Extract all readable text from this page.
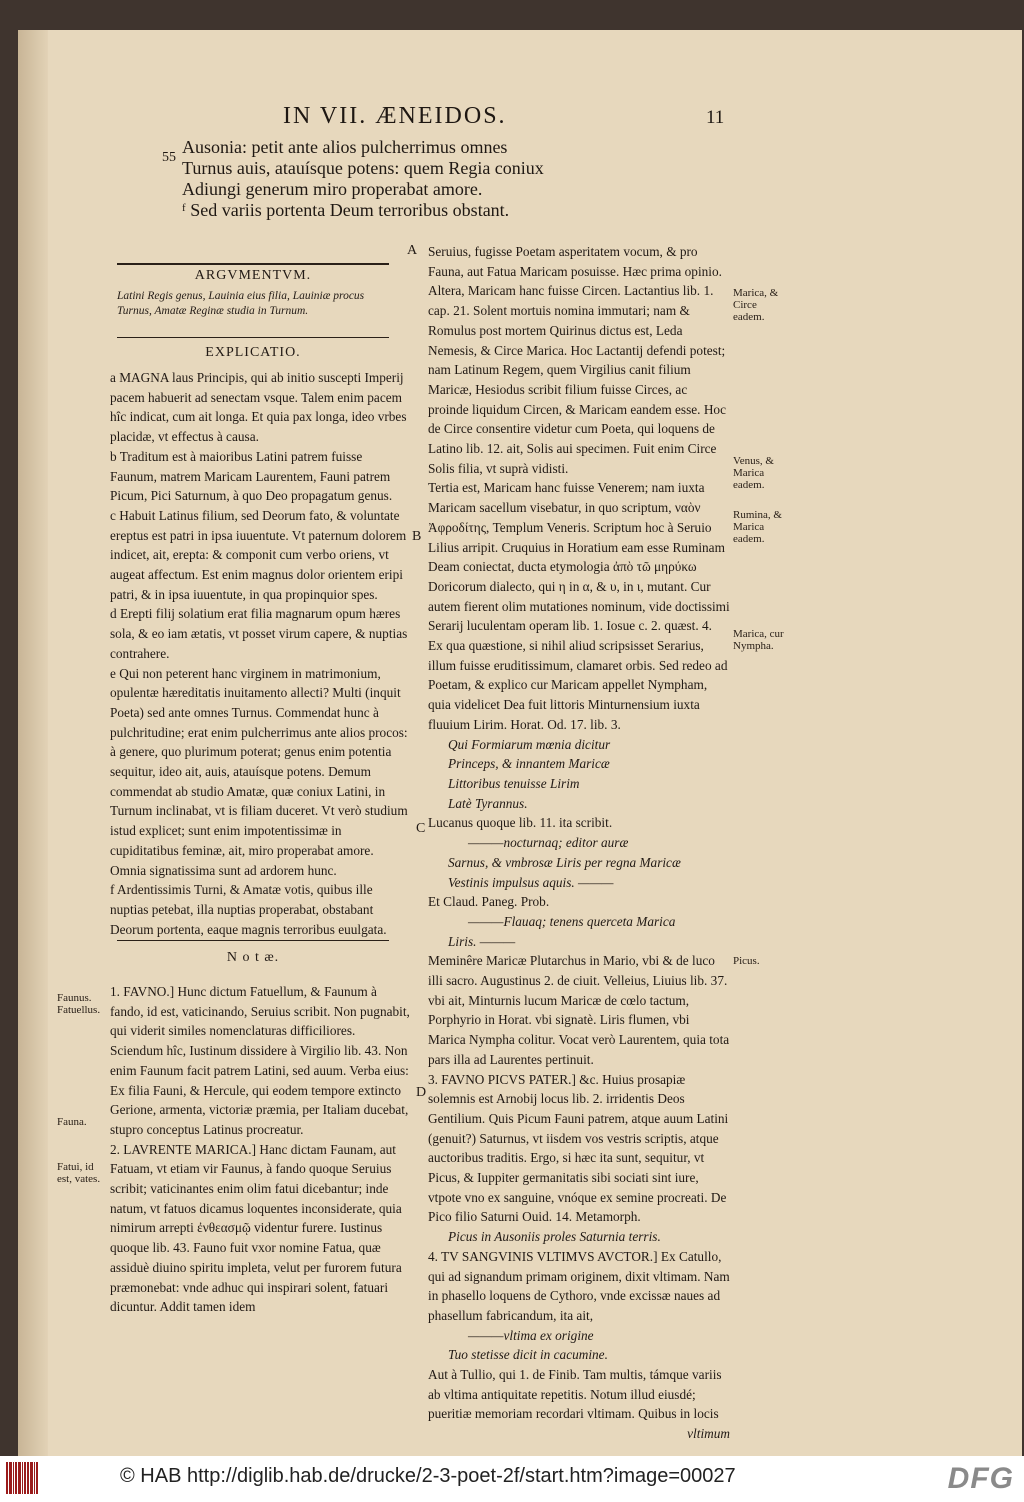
IN VII. ÆNEIDOS.	11
55
Ausonia: petit ante alios pulcherrimus omnes
Turnus auis, atauísque potens: quem Regia coniux
Adiungi generum miro properabat amore.
ᶠ Sed variis portenta Deum terroribus obstant.
ARGVMENTVM.
Latini Regis genus, Lauinia eius filia, Lauiniæ procus Turnus, Amatæ Reginæ studia in Turnum.
EXPLICATIO.

a MAGNA laus Principis, qui ab initio suscepti Imperij pacem habuerit ad senectam vsque. Talem enim pacem hîc indicat, cum ait longa. Et quia pax longa, ideo vrbes placidæ, vt effectus à causa.

b Traditum est à maioribus Latini patrem fuisse Faunum, matrem Maricam Laurentem, Fauni patrem Picum, Pici Saturnum, à quo Deo propagatum genus.

c Habuit Latinus filium, sed Deorum fato, & voluntate ereptus est patri in ipsa iuuentute. Vt paternum dolorem indicet, ait, erepta: & componit cum verbo oriens, vt augeat affectum. Est enim magnus dolor orientem eripi patri, & in ipsa iuuentute, in qua propinquior spes.

d Erepti filij solatium erat filia magnarum opum hæres sola, & eo iam ætatis, vt posset virum capere, & nuptias contrahere.

e Qui non peterent hanc virginem in matrimonium, opulentæ hæreditatis inuitamento allecti? Multi (inquit Poeta) sed ante omnes Turnus. Commendat hunc à pulchritudine; erat enim pulcherrimus ante alios procos: à genere, quo plurimum poterat; genus enim potentia sequitur, ideo ait, auis, atauísque potens. Demum commendat ab studio Amatæ, quæ coniux Latini, in Turnum inclinabat, vt is filiam duceret. Vt verò studium istud explicet; sunt enim impotentissimæ in cupiditatibus feminæ, ait, miro properabat amore. Omnia signatissima sunt ad ardorem hunc.

f Ardentissimis Turni, & Amatæ votis, quibus ille nuptias petebat, illa nuptias properabat, obstabant Deorum portenta, eaque magnis terroribus euulgata.

N o t æ.

1. FAVNO.] Hunc dictum Fatuellum, & Faunum à fando, id est, vaticinando, Seruius scribit. Non pugnabit, qui viderit similes nomenclaturas difficiliores. Sciendum hîc, Iustinum dissidere à Virgilio lib. 43. Non enim Faunum facit patrem Latini, sed auum. Verba eius: Ex filia Fauni, & Hercule, qui eodem tempore extincto Gerione, armenta, victoriæ præmia, per Italiam ducebat, stupro conceptus Latinus procreatur.

2. LAVRENTE MARICA.] Hanc dictam Faunam, aut Fatuam, vt etiam vir Faunus, à fando quoque Seruius scribit; vaticinantes enim olim fatui dicebantur; inde natum, vt fatuos dicamus loquentes inconsiderate, quia nimirum arrepti ἐνθεασμῷ videntur furere. Iustinus quoque lib. 43. Fauno fuit vxor nomine Fatua, quæ assiduè diuino spiritu impleta, velut per furorem futura præmonebat: vnde adhuc qui inspirari solent, fatuari dicuntur. Addit tamen idem

Faunus. Fatuellus.
Fauna.
Fatui, id est, vates.
A
B
C
D

Seruius, fugisse Poetam asperitatem vocum, & pro Fauna, aut Fatua Maricam posuisse. Hæc prima opinio.

Altera, Maricam hanc fuisse Circen. Lactantius lib. 1. cap. 21. Solent mortuis nomina immutari; nam & Romulus post mortem Quirinus dictus est, Leda Nemesis, & Circe Marica. Hoc Lactantij defendi potest; nam Latinum Regem, quem Virgilius canit filium Maricæ, Hesiodus scribit filium fuisse Circes, ac proinde liquidum Circen, & Maricam eandem esse. Hoc de Circe consentire videtur cum Poeta, qui loquens de Latino lib. 12. ait, Solis aui specimen. Fuit enim Circe Solis filia, vt suprà vidisti.

Tertia est, Maricam hanc fuisse Venerem; nam iuxta Maricam sacellum visebatur, in quo scriptum, ναὸν Ἀφροδίτης, Templum Veneris. Scriptum hoc à Seruio Lilius arripit. Cruquius in Horatium eam esse Ruminam Deam coniectat, ducta etymologia ἀπὸ τῶ μηρύκω Doricorum dialecto, qui η in α, & υ, in ι, mutant. Cur autem fierent olim mutationes nominum, vide doctissimi Serarij luculentam operam lib. 1. Iosue c. 2. quæst. 4. Ex qua quæstione, si nihil aliud scripsisset Serarius, illum fuisse eruditissimum, clamaret orbis. Sed redeo ad Poetam, & explico cur Maricam appellet Nympham, quia videlicet Dea fuit littoris Minturnensium iuxta fluuium Lirim. Horat. Od. 17. lib. 3.

Qui Formiarum mœnia dicitur

Princeps, & innantem Maricæ

Littoribus tenuisse Lirim

Latè Tyrannus.

Lucanus quoque lib. 11. ita scribit.

———nocturnaq; editor auræ

Sarnus, & vmbrosæ Liris per regna Maricæ

Vestinis impulsus aquis. ———

Et Claud. Paneg. Prob.

———Flauaq; tenens querceta Marica

Liris. ———

Meminêre Maricæ Plutarchus in Mario, vbi & de luco illi sacro. Augustinus 2. de ciuit. Velleius, Liuius lib. 37. vbi ait, Minturnis lucum Maricæ de cœlo tactum, Porphyrio in Horat. vbi signatè. Liris flumen, vbi Marica Nympha colitur. Vocat verò Laurentem, quia tota pars illa ad Laurentes pertinuit.

3. FAVNO PICVS PATER.] &c. Huius prosapiæ solemnis est Arnobij locus lib. 2. irridentis Deos Gentilium. Quis Picum Fauni patrem, atque auum Latini (genuit?) Saturnus, vt iisdem vos vestris scriptis, atque auctoribus traditis. Ergo, si hæc ita sunt, sequitur, vt Picus, & Iuppiter germanitatis sibi sociati sint iure, vtpote vno ex sanguine, vnóque ex semine procreati. De Pico filio Saturni Ouid. 14. Metamorph.

Picus in Ausoniis proles Saturnia terris.

4. TV SANGVINIS VLTIMVS AVCTOR.] Ex Catullo, qui ad signandum primam originem, dixit vltimam. Nam in phasello loquens de Cythoro, vnde excissæ naues ad phasellum fabricandum, ita ait,

———vltima ex origine

Tuo stetisse dicit in cacumine.

Aut à Tullio, qui 1. de Finib. Tam multis, támque variis ab vltima antiquitate repetitis. Notum illud eiusdé; pueritiæ memoriam recordari vltimam. Quibus in locis

vltimum

Marica, & Circe eadem.
Venus, & Marica eadem.
Rumina, & Marica eadem.
Marica, cur Nympha.
Picus.
© HAB http://diglib.hab.de/drucke/2-3-poet-2f/start.htm?image=00027	DFG
